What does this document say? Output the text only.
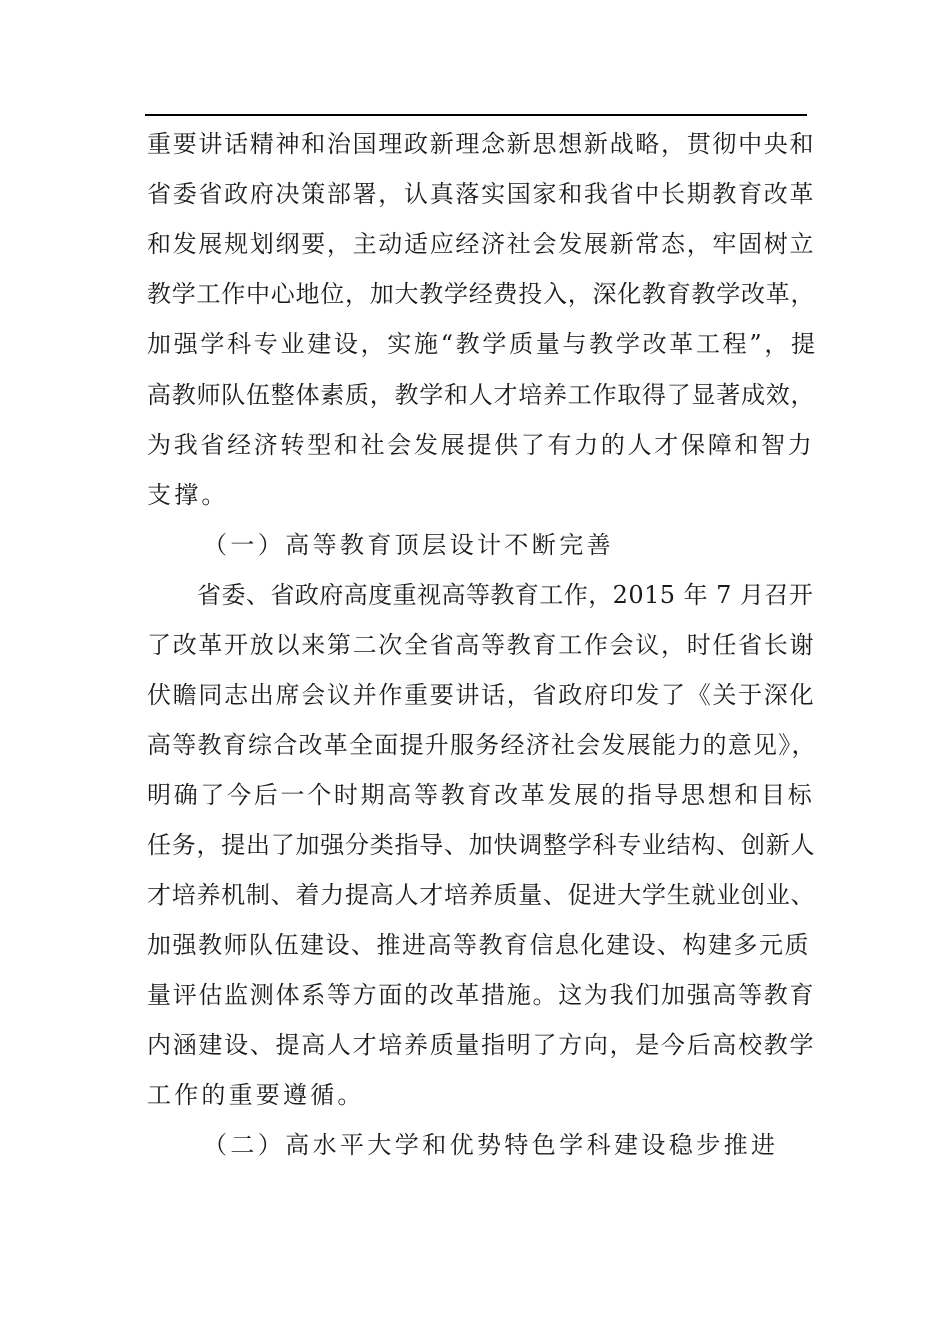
重要讲话精神和治国理政新理念新思想新战略，贯彻中央和
省委省政府决策部署，认真落实国家和我省中长期教育改革
和发展规划纲要，主动适应经济社会发展新常态，牢固树立
教学工作中心地位，加大教学经费投入，深化教育教学改革，
加强学科专业建设，实施“教学质量与教学改革工程”，提
高教师队伍整体素质，教学和人才培养工作取得了显著成效，
为我省经济转型和社会发展提供了有力的人才保障和智力
支撑。
（一）高等教育顶层设计不断完善
省委、省政府高度重视高等教育工作，2015 年 7 月召开
了改革开放以来第二次全省高等教育工作会议，时任省长谢
伏瞻同志出席会议并作重要讲话，省政府印发了《关于深化
高等教育综合改革全面提升服务经济社会发展能力的意见》，
明确了今后一个时期高等教育改革发展的指导思想和目标
任务，提出了加强分类指导、加快调整学科专业结构、创新人
才培养机制、着力提高人才培养质量、促进大学生就业创业、
加强教师队伍建设、推进高等教育信息化建设、构建多元质
量评估监测体系等方面的改革措施。这为我们加强高等教育
内涵建设、提高人才培养质量指明了方向，是今后高校教学
工作的重要遵循。
（二）高水平大学和优势特色学科建设稳步推进
